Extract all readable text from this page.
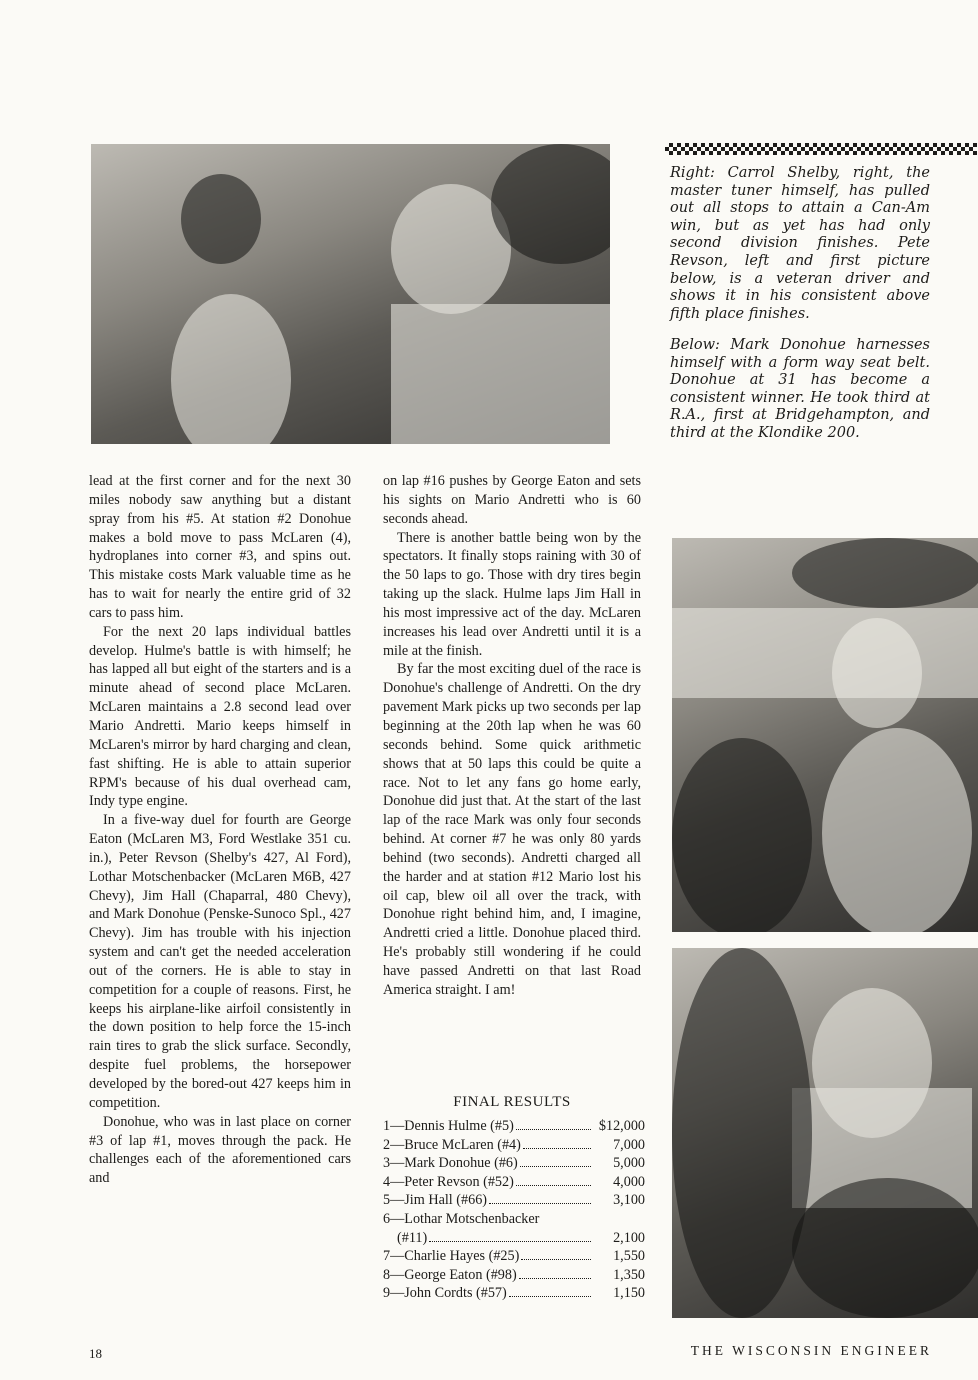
Right: Carrol Shelby, right, the master tuner himself, has pulled out all stops to attain a Can-Am win, but as yet has had only second division finishes. Pete Revson, left and first picture below, is a veteran driver and shows it in his consistent above fifth place finishes.

Below: Mark Donohue harnesses himself with a form way seat belt. Donohue at 31 has become a consistent winner. He took third at R.A., first at Bridgehampton, and third at the Klondike 200.

lead at the first corner and for the next 30 miles nobody saw anything but a distant spray from his #5. At station #2 Donohue makes a bold move to pass McLaren (4), hydroplanes into corner #3, and spins out. This mistake costs Mark valuable time as he has to wait for nearly the entire grid of 32 cars to pass him.

For the next 20 laps individual battles develop. Hulme's battle is with himself; he has lapped all but eight of the starters and is a minute ahead of second place McLaren. McLaren maintains a 2.8 second lead over Mario Andretti. Mario keeps himself in McLaren's mirror by hard charging and clean, fast shifting. He is able to attain superior RPM's because of his dual overhead cam, Indy type engine.

In a five-way duel for fourth are George Eaton (McLaren M3, Ford Westlake 351 cu. in.), Peter Revson (Shelby's 427, Al Ford), Lothar Motschenbacker (McLaren M6B, 427 Chevy), Jim Hall (Chaparral, 480 Chevy), and Mark Donohue (Penske-Sunoco Spl., 427 Chevy). Jim has trouble with his injection system and can't get the needed acceleration out of the corners. He is able to stay in competition for a couple of reasons. First, he keeps his airplane-like airfoil consistently in the down position to help force the 15-inch rain tires to grab the slick surface. Secondly, despite fuel problems, the horsepower developed by the bored-out 427 keeps him in competition.

Donohue, who was in last place on corner #3 of lap #1, moves through the pack. He challenges each of the aforementioned cars and

on lap #16 pushes by George Eaton and sets his sights on Mario Andretti who is 60 seconds ahead.

There is another battle being won by the spectators. It finally stops raining with 30 of the 50 laps to go. Those with dry tires begin taking up the slack. Hulme laps Jim Hall in his most impressive act of the day. McLaren increases his lead over Andretti until it is a mile at the finish.

By far the most exciting duel of the race is Donohue's challenge of Andretti. On the dry pavement Mark picks up two seconds per lap beginning at the 20th lap when he was 60 seconds behind. Some quick arithmetic shows that at 50 laps this could be quite a race. Not to let any fans go home early, Donohue did just that. At the start of the last lap of the race Mark was only four seconds behind. At corner #7 he was only 80 yards behind (two seconds). Andretti charged all the harder and at station #12 Mario lost his oil cap, blew oil all over the track, with Donohue right behind him, and, I imagine, Andretti cried a little. Donohue placed third. He's probably still wondering if he could have passed Andretti on that last Road America straight. I am!

FINAL RESULTS
1—Dennis Hulme (#5)	$12,000
2—Bruce McLaren (#4)	7,000
3—Mark Donohue (#6)	5,000
4—Peter Revson (#52)	4,000
5—Jim Hall (#66)	3,100
6—Lothar Motschenbacker
(#11)	2,100
7—Charlie Hayes (#25)	1,550
8—George Eaton (#98)	1,350
9—John Cordts (#57)	1,150
18	THE WISCONSIN ENGINEER
